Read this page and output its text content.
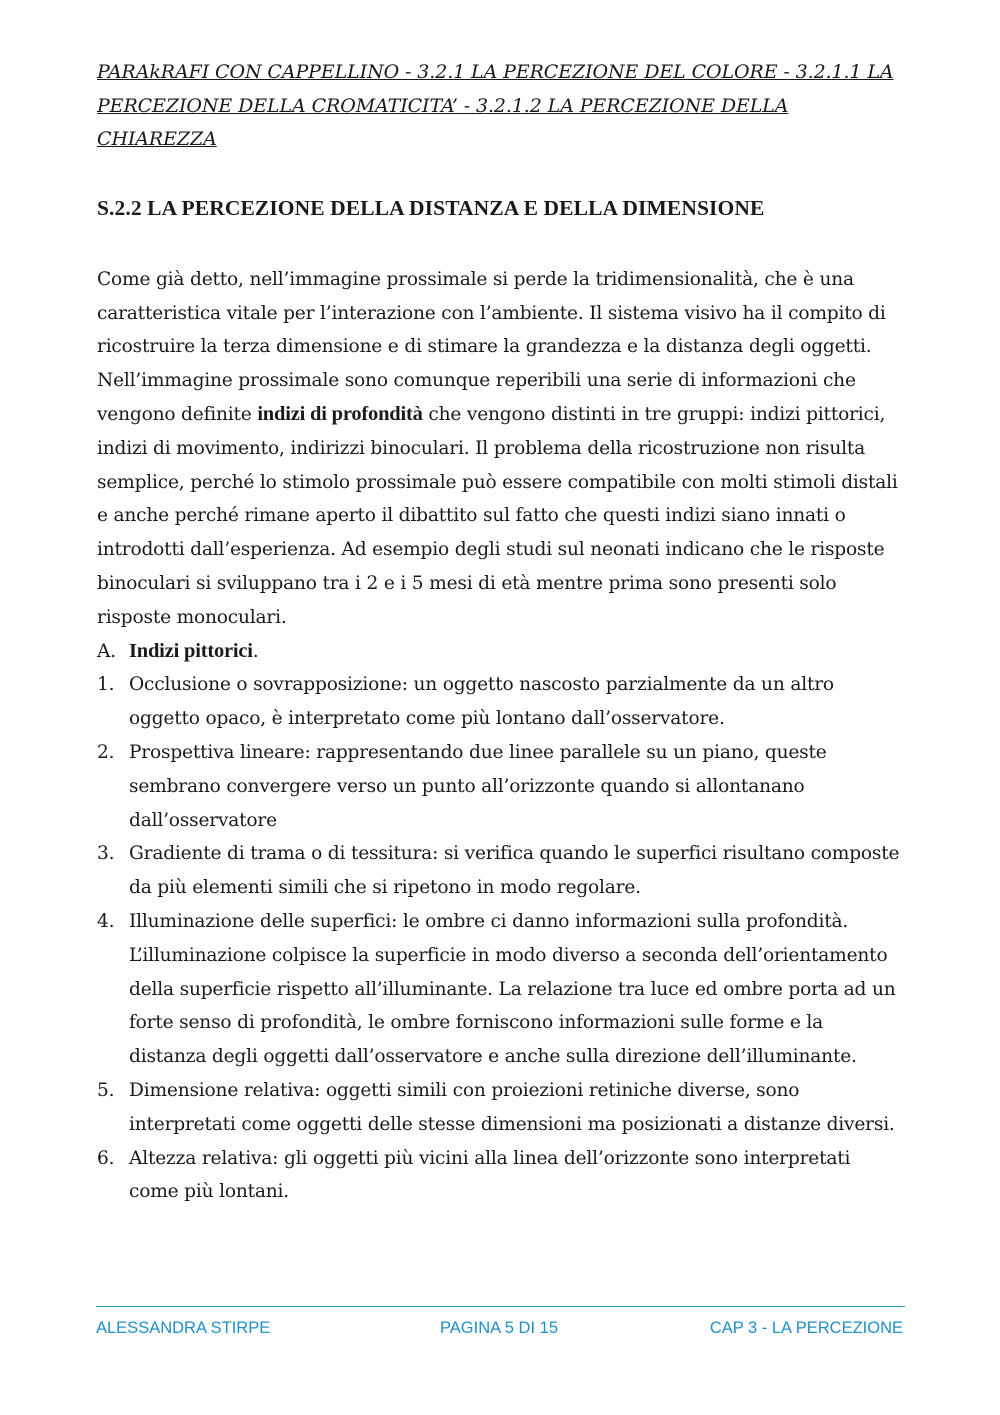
PARAkRAFI CON CAPPELLINO - 3.2.1 LA PERCEZIONE DEL COLORE - 3.2.1.1 LA PERCEZIONE DELLA CROMATICITA’ - 3.2.1.2 LA PERCEZIONE DELLA CHIAREZZA

S.2.2 LA PERCEZIONE DELLA DISTANZA E DELLA DIMENSIONE

Come già detto, nell’immagine prossimale si perde la tridimensionalità, che è una caratteristica vitale per l’interazione con l’ambiente. Il sistema visivo ha il compito di ricostruire la terza dimensione e di stimare la grandezza e la distanza degli oggetti. Nell’immagine prossimale sono comunque reperibili una serie di informazioni che vengono definite indizi di profondità che vengono distinti in tre gruppi: indizi pittorici, indizi di movimento, indirizzi binoculari. Il problema della ricostruzione non risulta semplice, perché lo stimolo prossimale può essere compatibile con molti stimoli distali e anche perché rimane aperto il dibattito sul fatto che questi indizi siano innati o introdotti dall’esperienza. Ad esempio degli studi sul neonati indicano che le risposte binoculari si sviluppano tra i 2 e i 5 mesi di età mentre prima sono presenti solo risposte monoculari.

A. Indizi pittorici.
1. Occlusione o sovrapposizione: un oggetto nascosto parzialmente da un altro oggetto opaco, è interpretato come più lontano dall’osservatore.
2. Prospettiva lineare: rappresentando due linee parallele su un piano, queste sembrano convergere verso un punto all’orizzonte quando si allontanano dall’osservatore
3. Gradiente di trama o di tessitura: si verifica quando le superfici risultano composte da più elementi simili che si ripetono in modo regolare.
4. Illuminazione delle superfici: le ombre ci danno informazioni sulla profondità. L’illuminazione colpisce la superficie in modo diverso a seconda dell’orientamento della superficie rispetto all’illuminante. La relazione tra luce ed ombre porta ad un forte senso di profondità, le ombre forniscono informazioni sulle forme e la distanza degli oggetti dall’osservatore e anche sulla direzione dell’illuminante.
5. Dimensione relativa: oggetti simili con proiezioni retiniche diverse, sono interpretati come oggetti delle stesse dimensioni ma posizionati a distanze diversi.
6. Altezza relativa: gli oggetti più vicini alla linea dell’orizzonte sono interpretati come più lontani.
ALESSANDRA STIRPE	PAGINA 5 DI 15	CAP 3 - LA PERCEZIONE
